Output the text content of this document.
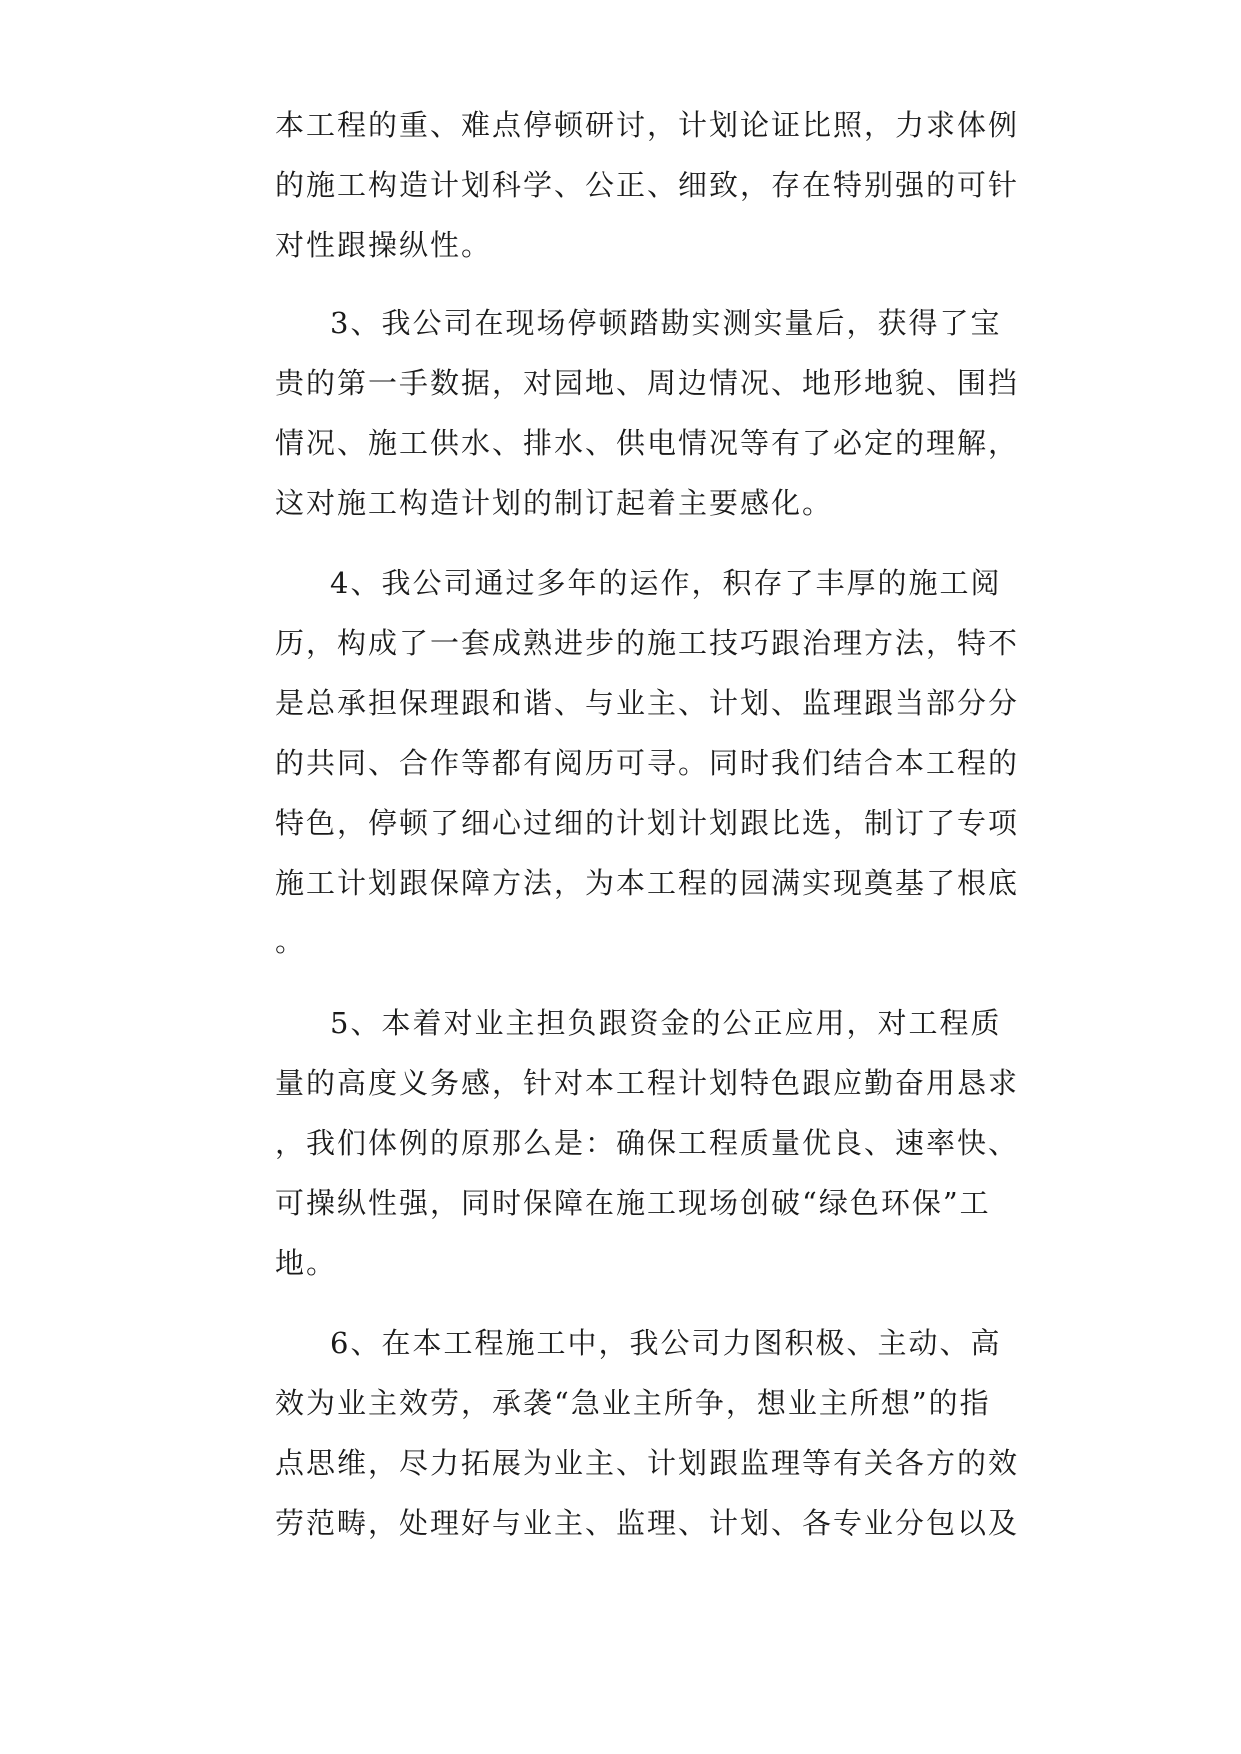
本工程的重、难点停顿研讨，计划论证比照，力求体例
的施工构造计划科学、公正、细致，存在特别强的可针
对性跟操纵性。
3、我公司在现场停顿踏勘实测实量后，获得了宝
贵的第一手数据，对园地、周边情况、地形地貌、围挡
情况、施工供水、排水、供电情况等有了必定的理解，
这对施工构造计划的制订起着主要感化。
4、我公司通过多年的运作，积存了丰厚的施工阅
历，构成了一套成熟进步的施工技巧跟治理方法，特不
是总承担保理跟和谐、与业主、计划、监理跟当部分分
的共同、合作等都有阅历可寻。同时我们结合本工程的
特色，停顿了细心过细的计划计划跟比选，制订了专项
施工计划跟保障方法，为本工程的园满实现奠基了根底
。
5、本着对业主担负跟资金的公正应用，对工程质
量的高度义务感，针对本工程计划特色跟应勤奋用恳求
，我们体例的原那么是：确保工程质量优良、速率快、
可操纵性强，同时保障在施工现场创破“绿色环保”工
地。
6、在本工程施工中，我公司力图积极、主动、高
效为业主效劳，承袭“急业主所争，想业主所想”的指
点思维，尽力拓展为业主、计划跟监理等有关各方的效
劳范畴，处理好与业主、监理、计划、各专业分包以及
